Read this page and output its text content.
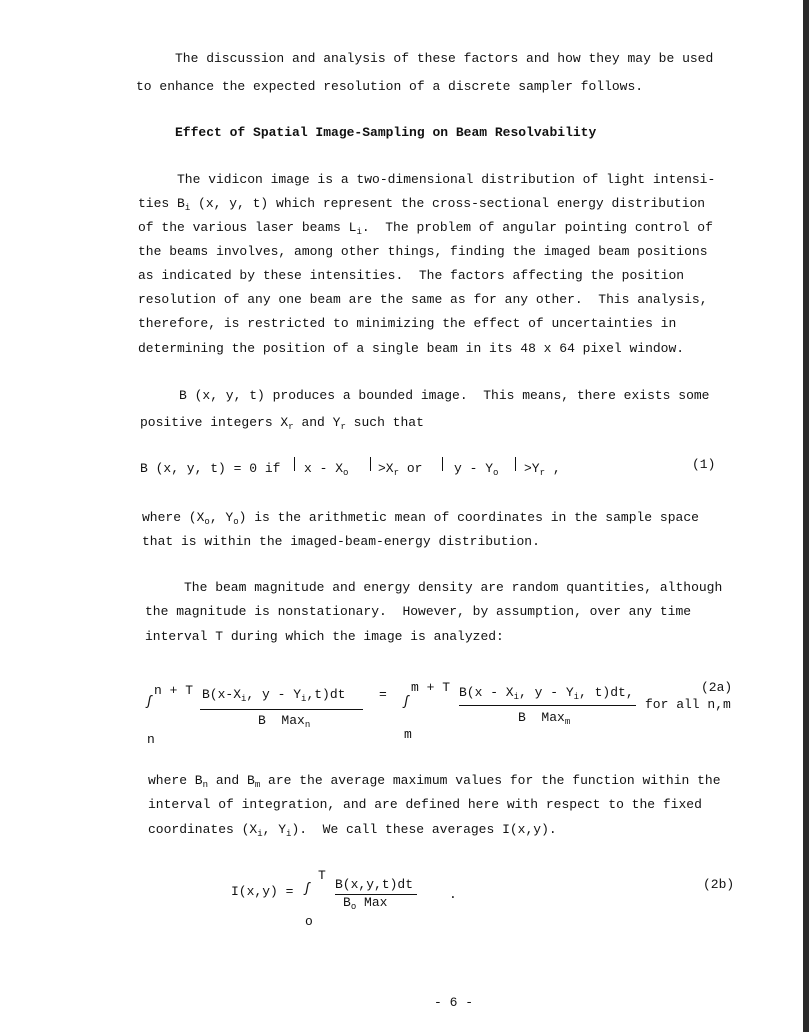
The discussion and analysis of these factors and how they may be used
to enhance the expected resolution of a discrete sampler follows.
Effect of Spatial Image-Sampling on Beam Resolvability
The vidicon image is a two-dimensional distribution of light intensi-
ties $B_i$ (x, y, t) which represent the cross-sectional energy distribution
of the various laser beams $L_i$.  The problem of angular pointing control of
the beams involves, among other things, finding the imaged beam positions
as indicated by these intensities.  The factors affecting the position
resolution of any one beam are the same as for any other.  This analysis,
therefore, is restricted to minimizing the effect of uncertainties in
determining the position of a single beam in its 48 x 64 pixel window.
B (x, y, t) produces a bounded image.  This means, there exists some
positive integers $X_r$ and $Y_r$ such that
B (x, y, t) = 0 if $x - X_o >X_r$ or $y - Y_o >Y_r$ ,	(1)
where ($X_o$, $Y_o$) is the arithmetic mean of coordinates in the sample space
that is within the imaged-beam-energy distribution.
The beam magnitude and energy density are random quantities, although
the magnitude is nonstationary.  However, by assumption, over any time
interval T during which the image is analyzed:
n + T
ʃ	$B(x-X_i$, y - $Y_i,t)dt$
B  Max$_n$
n
= m + T
ʃ
$B(x - X_i$, y - $Y_i$, t)dt,
B  Max$_m$
m
for all n,m
(2a)
where $B_n$ and $B_m$ are the average maximum values for the function within the
interval of integration, and are defined here with respect to the fixed
coordinates ($X_i$, $Y_i$).  We call these averages I(x,y).
I(x,y) = ʃ
T
B(x,y,t)dt
$B_o$ Max
o
.
(2b)
- 6 -
